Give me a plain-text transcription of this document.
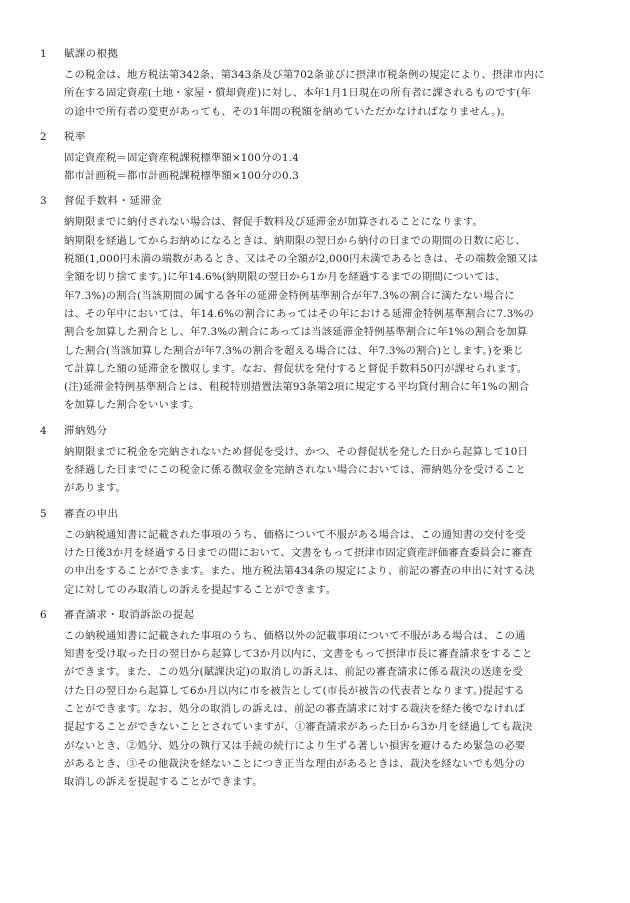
1	賦課の根拠
この税金は、地方税法第342条、第343条及び第702条並びに摂津市税条例の規定により、摂津市内に
所在する固定資産(土地・家屋・償却資産)に対し、本年1月1日現在の所有者に課されるものです(年
の途中で所有者の変更があっても、その1年間の税額を納めていただかなければなりません。)。
2	税率
固定資産税＝固定資産税課税標準額×100分の1.4
都市計画税＝都市計画税課税標準額×100分の0.3
3	督促手数料・延滞金
納期限までに納付されない場合は、督促手数料及び延滞金が加算されることになります。
納期限を経過してからお納めになるときは、納期限の翌日から納付の日までの期間の日数に応じ、
税額(1,000円未満の端数があるとき、又はその全額が2,000円未満であるときは、その端数金額又は
全額を切り捨てます。)に年14.6%(納期限の翌日から1か月を経過するまでの期間については、
年7.3%)の割合(当該期間の属する各年の延滞金特例基準割合が年7.3%の割合に満たない場合に
は、その年中においては、年14.6%の割合にあってはその年における延滞金特例基準割合に7.3%の
割合を加算した割合とし、年7.3%の割合にあっては当該延滞金特例基準割合に年1%の割合を加算
した割合(当該加算した割合が年7.3%の割合を超える場合には、年7.3%の割合)とします。)を乗じ
て計算した額の延滞金を徴収します。なお、督促状を発付すると督促手数料50円が課せられます。
(注)延滞金特例基準割合とは、租税特別措置法第93条第2項に規定する平均貸付割合に年1%の割合
を加算した割合をいいます。
4	滞納処分
納期限までに税金を完納されないため督促を受け、かつ、その督促状を発した日から起算して10日
を経過した日までにこの税金に係る徴収金を完納されない場合においては、滞納処分を受けること
があります。
5	審査の申出
この納税通知書に記載された事項のうち、価格について不服がある場合は、この通知書の交付を受
けた日後3か月を経過する日までの間において、文書をもって摂津市固定資産評価審査委員会に審査
の申出をすることができます。また、地方税法第434条の規定により、前記の審査の申出に対する決
定に対してのみ取消しの訴えを提起することができます。
6	審査請求・取消訴訟の提起
この納税通知書に記載された事項のうち、価格以外の記載事項について不服がある場合は、この通
知書を受け取った日の翌日から起算して3か月以内に、文書をもって摂津市長に審査請求をすること
ができます。また、この処分(賦課決定)の取消しの訴えは、前記の審査請求に係る裁決の送達を受
けた日の翌日から起算して6か月以内に市を被告として(市長が被告の代表者となります。)提起する
ことができます。なお、処分の取消しの訴えは、前記の審査請求に対する裁決を経た後でなければ
提起することができないこととされていますが、①審査請求があった日から3か月を経過しても裁決
がないとき、②処分、処分の執行又は手続の続行により生ずる著しい損害を避けるため緊急の必要
があるとき、③その他裁決を経ないことにつき正当な理由があるときは、裁決を経ないでも処分の
取消しの訴えを提起することができます。
